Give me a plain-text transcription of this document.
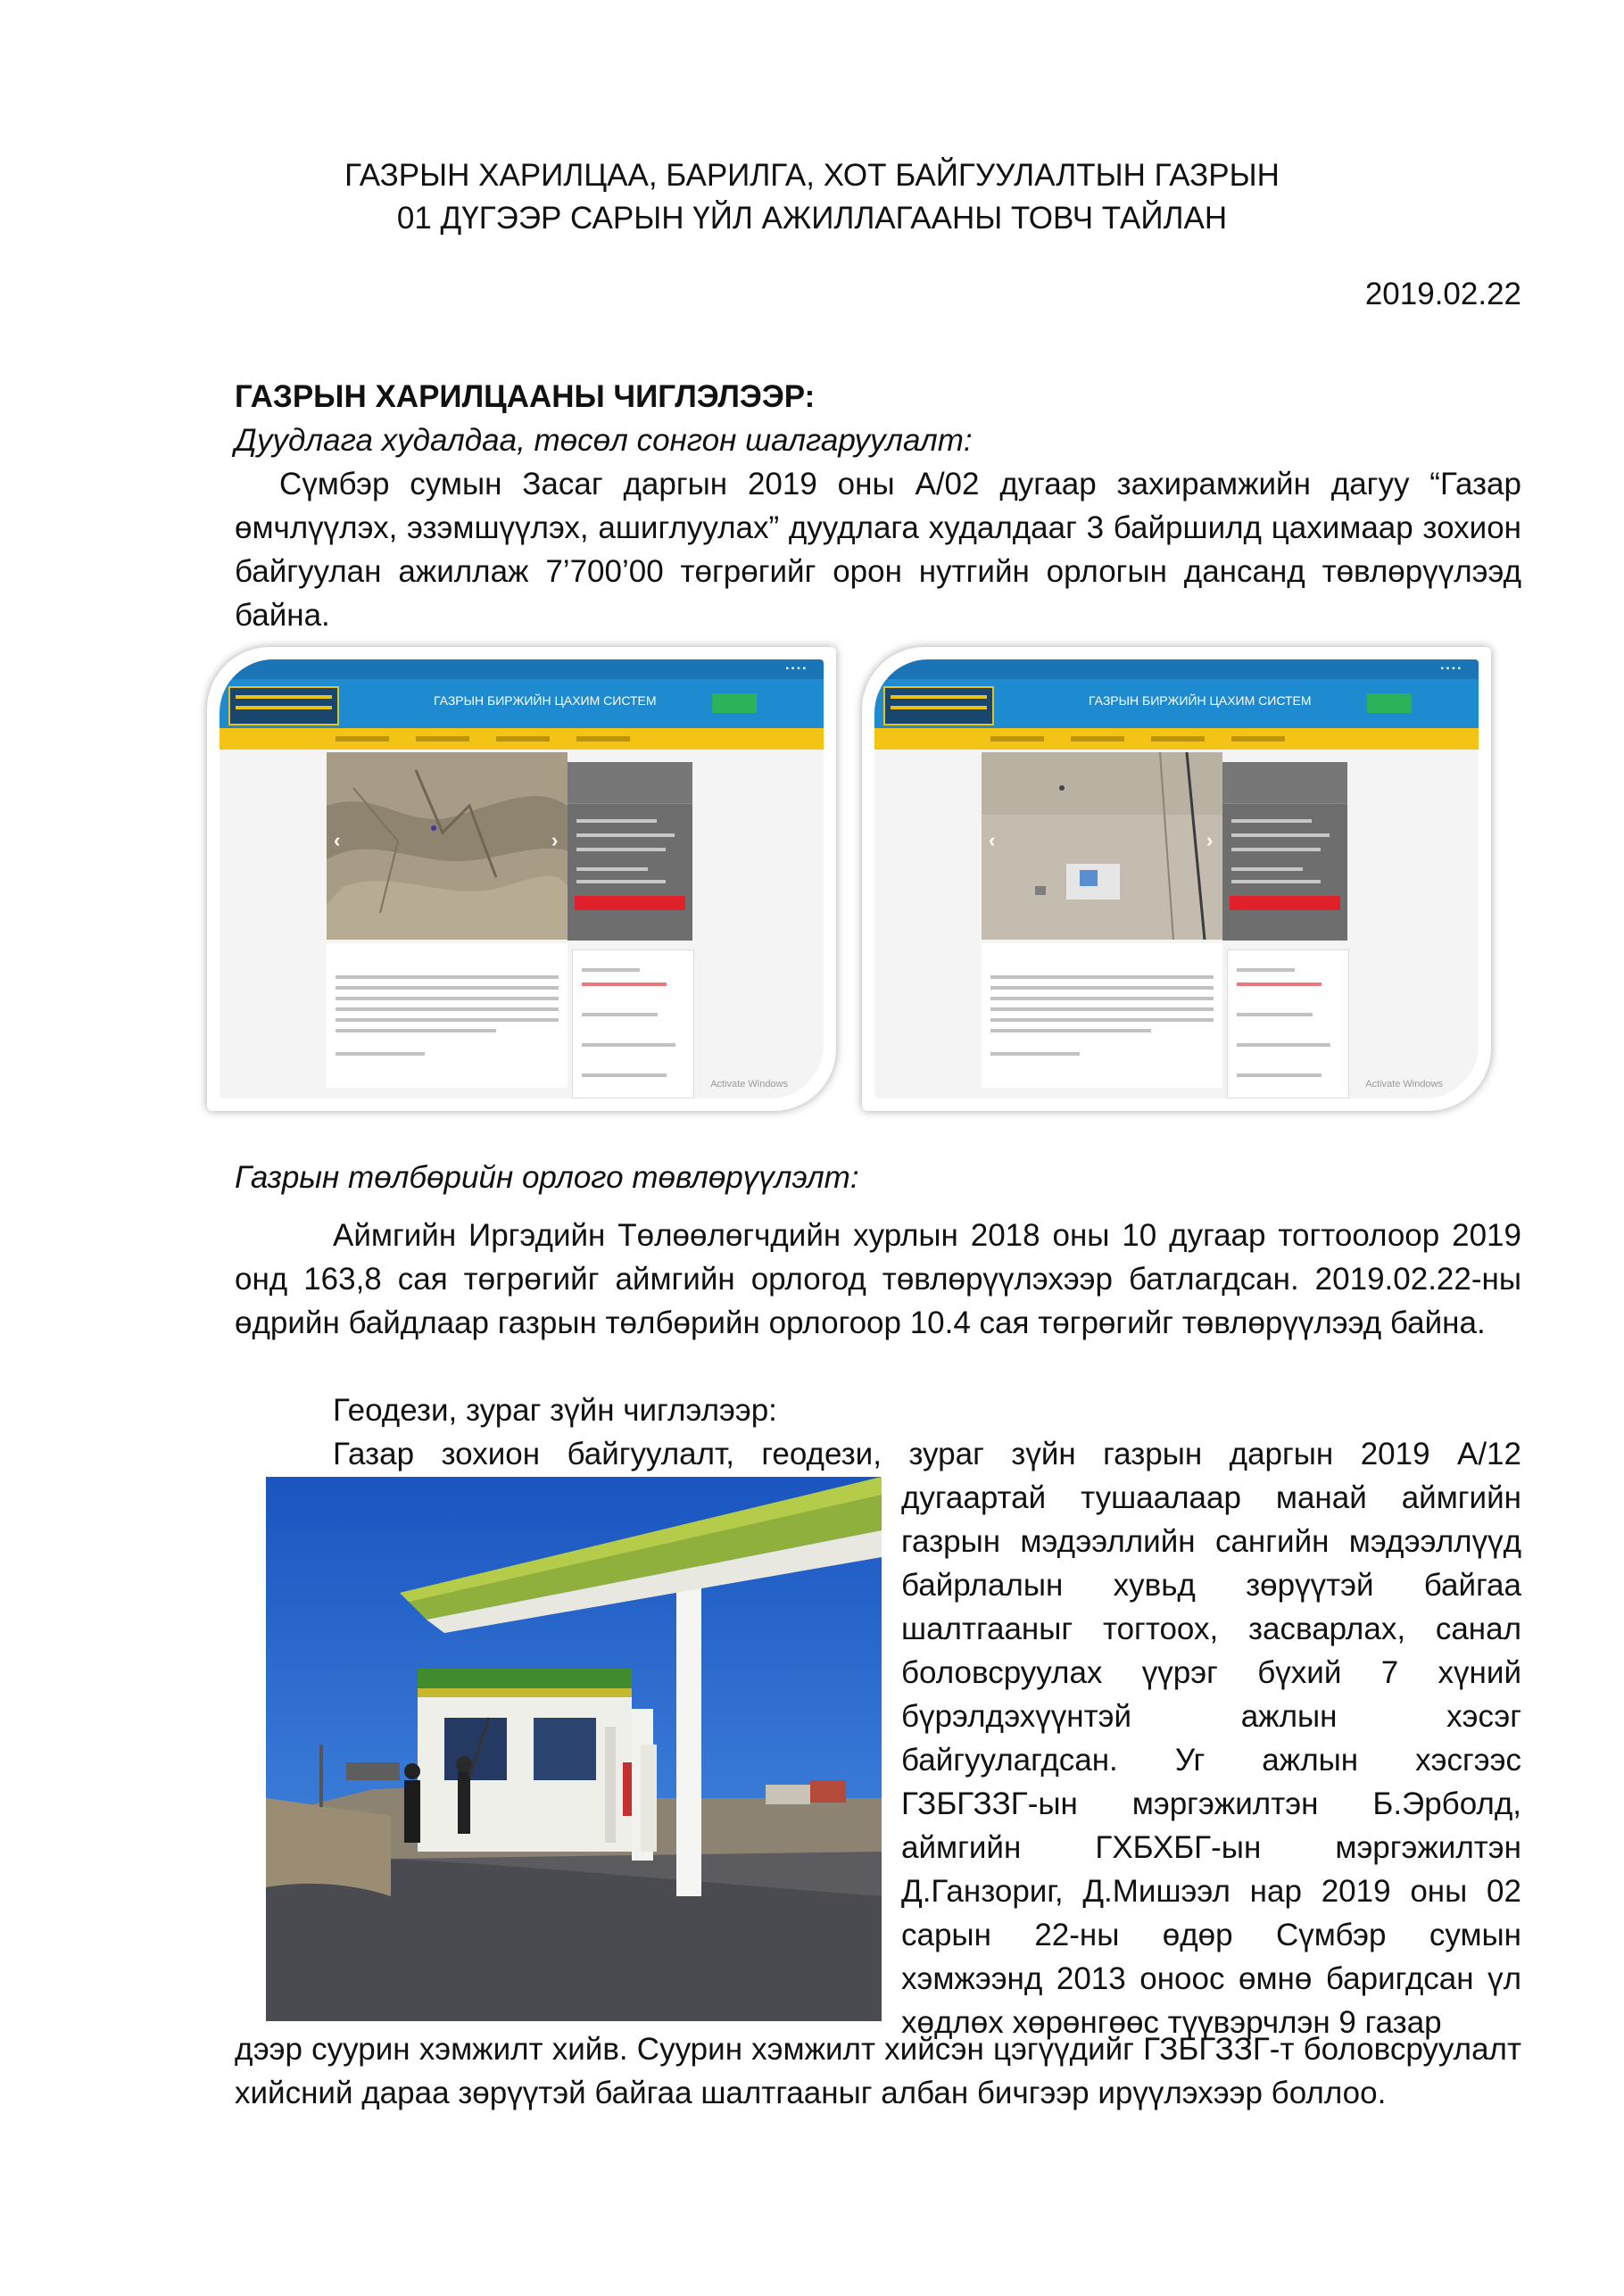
ГАЗРЫН ХАРИЛЦАА, БАРИЛГА, ХОТ БАЙГУУЛАЛТЫН ГАЗРЫН
01 ДҮГЭЭР САРЫН ҮЙЛ АЖИЛЛАГААНЫ ТОВЧ ТАЙЛАН
2019.02.22
ГАЗРЫН ХАРИЛЦААНЫ ЧИГЛЭЛЭЭР:
Дуудлага худалдаа, төсөл сонгон шалгаруулалт:
Сүмбэр сумын Засаг даргын 2019 оны А/02 дугаар захирамжийн дагуу “Газар өмчлүүлэх, эзэмшүүлэх, ашиглуулах” дуудлага худалдааг 3 байршилд цахимаар зохион байгуулан ажиллаж 7’700’00 төгрөгийг орон нутгийн орлогын дансанд төвлөрүүлээд байна.
▪ ▪ ▪ ▪
ГАЗРЫН БИРЖИЙН ЦАХИМ СИСТЕМ
‹	›
Activate Windows
▪ ▪ ▪ ▪
ГАЗРЫН БИРЖИЙН ЦАХИМ СИСТЕМ
‹	›
Activate Windows
Газрын төлбөрийн орлого төвлөрүүлэлт:
Аймгийн Иргэдийн Төлөөлөгчдийн хурлын 2018 оны 10 дугаар тогтоолоор 2019 онд 163,8 сая төгрөгийг аймгийн орлогод төвлөрүүлэхээр батлагдсан. 2019.02.22-ны өдрийн байдлаар газрын төлбөрийн орлогоор 10.4 сая төгрөгийг төвлөрүүлээд байна.
Геодези, зураг зүйн чиглэлээр:
Газар зохион байгуулалт, геодези, зураг зүйн газрын даргын 2019 А/12
дугаартай тушаалаар манай аймгийн газрын мэдээллийн сангийн мэдээллүүд байрлалын хувьд зөрүүтэй байгаа шалтгааныг тогтоох, засварлах, санал боловсруулах үүрэг бүхий 7 хүний бүрэлдэхүүнтэй ажлын хэсэг байгуулагдсан. Уг ажлын хэсгээс ГЗБГЗЗГ-ын мэргэжилтэн Б.Эрболд, аймгийн ГХБХБГ-ын мэргэжилтэн Д.Ганзориг, Д.Мишээл нар 2019 оны 02 сарын 22-ны өдөр Сүмбэр сумын хэмжээнд 2013 оноос өмнө баригдсан үл хөдлөх хөрөнгөөс түүвэрчлэн 9 газар
дээр суурин хэмжилт хийв. Суурин хэмжилт хийсэн цэгүүдийг ГЗБГЗЗГ-т боловсруулалт хийсний дараа зөрүүтэй байгаа шалтгааныг албан бичгээр ирүүлэхээр боллоо.
